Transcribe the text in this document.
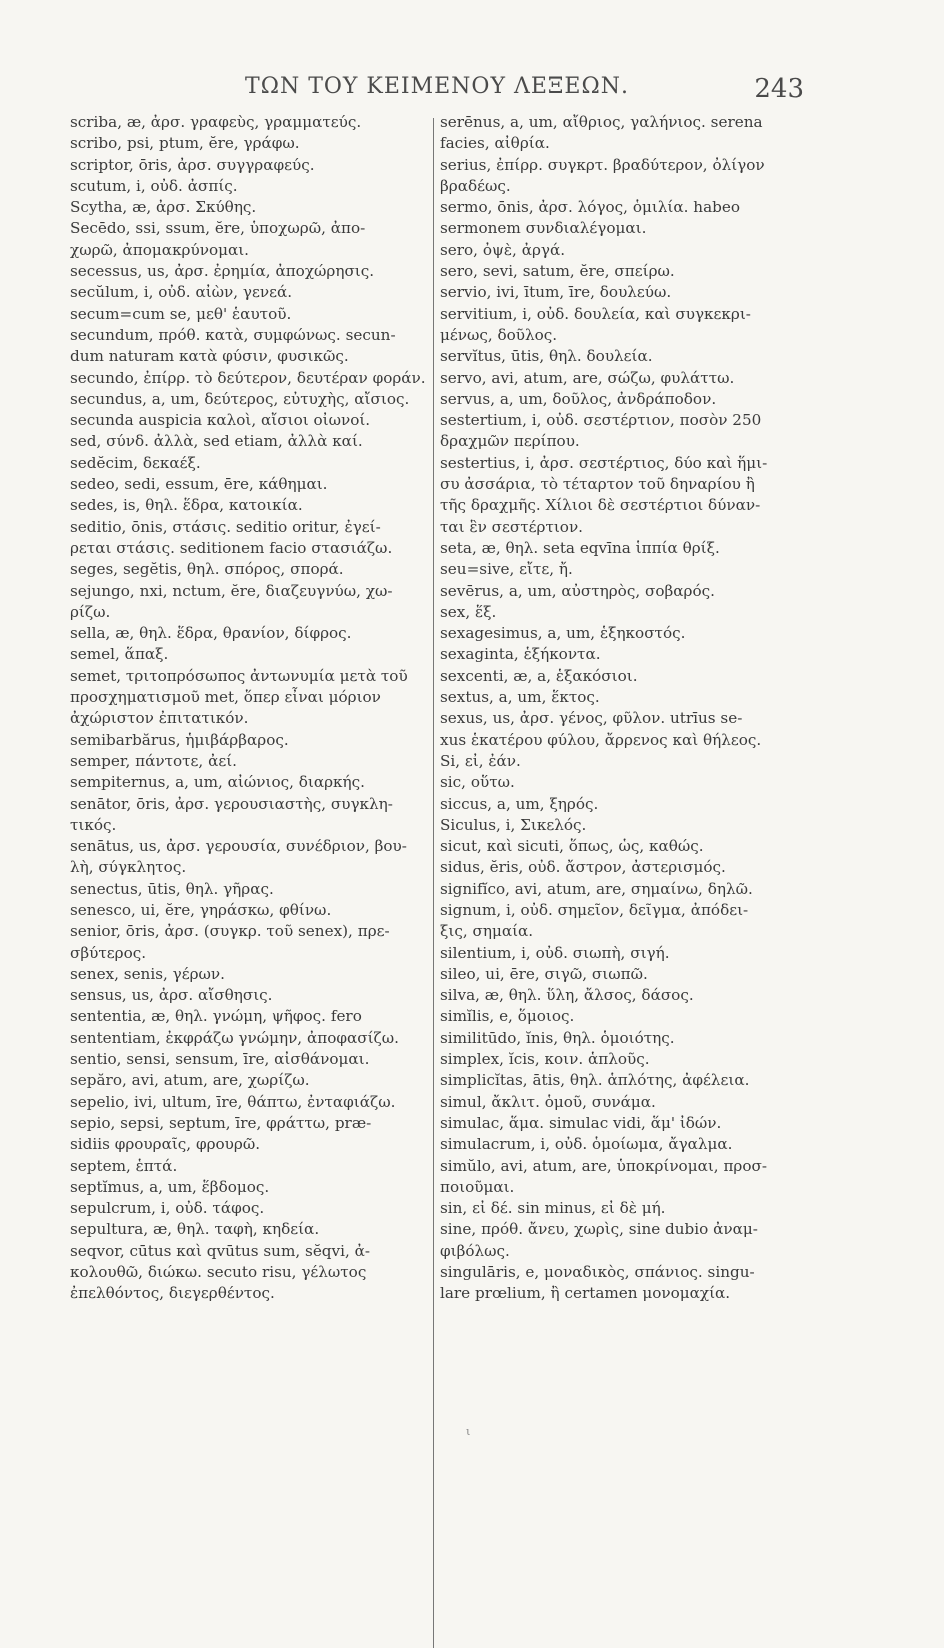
ΤΩΝ ΤΟΥ ΚΕΙΜΕΝΟΥ ΛΕΞΕΩΝ.	243
scriba, æ, ἀρσ. γραφεὺς, γραμματεύς.
scribo, psi, ptum, ĕre, γράφω.
scriptor, ōris, ἀρσ. συγγραφεύς.
scutum, i, οὐδ. ἀσπίς.
Scytha, æ, ἀρσ. Σκύθης.
Secēdo, ssi, ssum, ĕre, ὑποχωρῶ, ἀπο-
χωρῶ, ἀπομακρύνομαι.
secessus, us, ἀρσ. ἐρημία, ἀποχώρησις.
secŭlum, i, οὐδ. αἰὼν, γενεά.
secum=cum se, μεθ' ἑαυτοῦ.
secundum, πρόθ. κατὰ, συμφώνως. secun-
dum naturam κατὰ φύσιν, φυσικῶς.
secundo, ἐπίρρ. τὸ δεύτερον, δευτέραν φοράν.
secundus, a, um, δεύτερος, εὐτυχὴς, αἴσιος.
secunda auspicia καλοὶ, αἴσιοι οἰωνοί.
sed, σύνδ. ἀλλὰ, sed etiam, ἀλλὰ καί.
sedĕcim, δεκαέξ.
sedeo, sedi, essum, ēre, κάθημαι.
sedes, is, θηλ. ἕδρα, κατοικία.
seditio, ōnis, στάσις. seditio oritur, ἐγεί-
ρεται στάσις. seditionem facio στασιάζω.
seges, segĕtis, θηλ. σπόρος, σπορά.
sejungo, nxi, nctum, ĕre, διαζευγνύω, χω-
ρίζω.
sella, æ, θηλ. ἕδρα, θρανίον, δίφρος.
semel, ἅπαξ.
semet, τριτοπρόσωπος ἀντωνυμία μετὰ τοῦ
προσχηματισμοῦ met, ὅπερ εἶναι μόριον
ἀχώριστον ἐπιτατικόν.
semibarbărus, ἡμιβάρβαρος.
semper, πάντοτε, ἀεί.
sempiternus, a, um, αἰώνιος, διαρκής.
senātor, ōris, ἀρσ. γερουσιαστὴς, συγκλη-
τικός.
senātus, us, ἀρσ. γερουσία, συνέδριον, βου-
λὴ, σύγκλητος.
senectus, ūtis, θηλ. γῆρας.
senesco, ui, ĕre, γηράσκω, φθίνω.
senior, ōris, ἀρσ. (συγκρ. τοῦ senex), πρε-
σβύτερος.
senex, senis, γέρων.
sensus, us, ἀρσ. αἴσθησις.
sententia, æ, θηλ. γνώμη, ψῆφος. fero
sententiam, ἐκφράζω γνώμην, ἀποφασίζω.
sentio, sensi, sensum, īre, αἰσθάνομαι.
sepăro, avi, atum, are, χωρίζω.
sepelio, ivi, ultum, īre, θάπτω, ἐνταφιάζω.
sepio, sepsi, septum, īre, φράττω, præ-
sidiis φρουραῖς, φρουρῶ.
septem, ἑπτά.
septĭmus, a, um, ἕβδομος.
sepulcrum, i, οὐδ. τάφος.
sepultura, æ, θηλ. ταφὴ, κηδεία.
seqvor, cūtus καὶ qvūtus sum, sĕqvi, ἀ-
κολουθῶ, διώκω. secuto risu, γέλωτος
ἐπελθόντος, διεγερθέντος.
serēnus, a, um, αἴθριος, γαλήνιος. serena
facies, αἰθρία.
serius, ἐπίρρ. συγκρτ. βραδύτερον, ὀλίγον
βραδέως.
sermo, ōnis, ἀρσ. λόγος, ὁμιλία. habeo
sermonem συνδιαλέγομαι.
sero, ὀψὲ, ἀργά.
sero, sevi, satum, ĕre, σπείρω.
servio, ivi, ītum, īre, δουλεύω.
servitium, i, οὐδ. δουλεία, καὶ συγκεκρι-
μένως, δοῦλος.
servĭtus, ūtis, θηλ. δουλεία.
servo, avi, atum, are, σώζω, φυλάττω.
servus, a, um, δοῦλος, ἀνδράποδον.
sestertium, i, οὐδ. σεστέρτιον, ποσὸν 250
δραχμῶν περίπου.
sestertius, i, ἀρσ. σεστέρτιος, δύο καὶ ἥμι-
συ ἀσσάρια, τὸ τέταρτον τοῦ δηναρίου ἢ
τῆς δραχμῆς. Χίλιοι δὲ σεστέρτιοι δύναν-
ται ἓν σεστέρτιον.
seta, æ, θηλ. seta eqvīna ἱππία θρίξ.
seu=sive, εἴτε, ἤ.
sevērus, a, um, αὐστηρὸς, σοβαρός.
sex, ἕξ.
sexagesimus, a, um, ἑξηκοστός.
sexaginta, ἑξήκοντα.
sexcenti, æ, a, ἑξακόσιοι.
sextus, a, um, ἕκτος.
sexus, us, ἀρσ. γένος, φῦλον. utrīus se-
xus ἑκατέρου φύλου, ἄρρενος καὶ θήλεος.
Si, εἰ, ἐάν.
sic, οὕτω.
siccus, a, um, ξηρός.
Siculus, i, Σικελός.
sicut, καὶ sicuti, ὅπως, ὡς, καθώς.
sidus, ĕris, οὐδ. ἄστρον, ἀστερισμός.
signifĭco, avi, atum, are, σημαίνω, δηλῶ.
signum, i, οὐδ. σημεῖον, δεῖγμα, ἀπόδει-
ξις, σημαία.
silentium, i, οὐδ. σιωπὴ, σιγή.
sileo, ui, ēre, σιγῶ, σιωπῶ.
silva, æ, θηλ. ὕλη, ἄλσος, δάσος.
simĭlis, e, ὅμοιος.
similitūdo, ĭnis, θηλ. ὁμοιότης.
simplex, ĭcis, κοιν. ἁπλοῦς.
simplicĭtas, ātis, θηλ. ἁπλότης, ἀφέλεια.
simul, ἄκλιτ. ὁμοῦ, συνάμα.
simulac, ἅμα. simulac vidi, ἅμ' ἰδών.
simulacrum, i, οὐδ. ὁμοίωμα, ἄγαλμα.
simŭlo, avi, atum, are, ὑποκρίνομαι, προσ-
ποιοῦμαι.
sin, εἰ δέ. sin minus, εἰ δὲ μή.
sine, πρόθ. ἄνευ, χωρὶς, sine dubio ἀναμ-
φιβόλως.
singulāris, e, μοναδικὸς, σπάνιος. singu-
lare prœlium, ἢ certamen μονομαχία.
ι
